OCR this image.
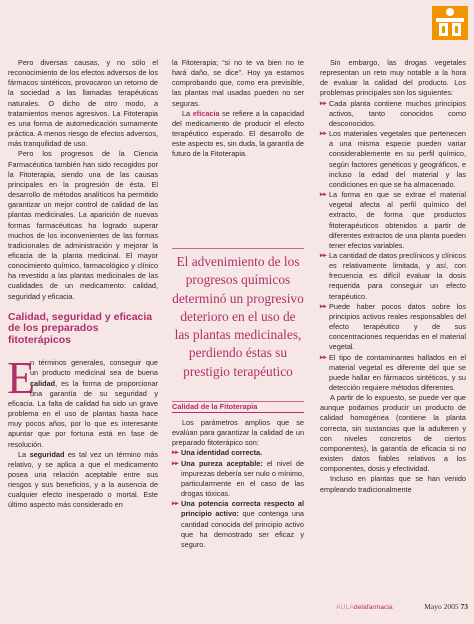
Pero diversas causas, y no sólo el reconocimiento de los efectos adversos de los fármacos sintéticos, provocaron un retorno de la sociedad a las llamadas terapéuticas naturales. O dicho de otro modo, a tratamientos menos agresivos. La Fitoterapia es una forma de automedicación sumamente práctica. A menos riesgo de efectos adversos, más tranquilidad de uso.

Pero los progresos de la Ciencia Farmacéutica también han sido recogidos por la Fitoterapia, siendo una de las causas principales en la progresión de ésta. El desarrollo de métodos analíticos ha permitido garantizar un mejor control de calidad de las plantas medicinales. La aparición de nuevas formas farmacéuticas ha logrado superar muchos de los inconvenientes de las formas tradicionales de administración y mejorar la eficacia de la planta medicinal. El mayor conocimiento químico, farmacológico y clínico ha revestido a las plantas medicinales de las cualidades de un medicamento: calidad, seguridad y eficacia.

Calidad, seguridad y eficacia de los preparados fitoterápicos
E

n términos generales, conseguir que un producto medicinal sea de buena calidad, es la forma de proporcionar una garantía de su seguridad y eficacia. La falta de calidad ha sido un grave problema en el uso de plantas hasta hace muy pocos años, por lo que es interesante apuntar que por fortuna está en fase de resolución.

La seguridad es tal vez un término más relativo, y se aplica a que el medicamento posea una relación aceptable entre sus riesgos y sus beneficios, y a la ausencia de cualquier efecto inesperado o mortal. Este último aspecto más considerado en

la Fitoterapia; “si no te va bien no te hará daño, se dice”. Hoy ya estamos comprobando que, como era previsible, las plantas mal usadas pueden no ser seguras.

La eficacia se refiere a la capacidad del medicamento de producir el efecto terapéutico esperado. El desarrollo de este aspecto es, sin duda, la garantía de futuro de la Fitoterapia.

El advenimiento de los progresos químicos determinó un progresivo deterioro en el uso de las plantas medicinales, perdiendo éstas su prestigio terapéutico
Calidad de la Fitoterapia

Los parámetros amplios que se evalúan para garantizar la calidad de un preparado fitoterápico son:

▸▸ Una identidad correcta.
▸▸ Una pureza aceptable: el nivel de impurezas debería ser nulo o mínimo, particularmente en el caso de las drogas tóxicas.
▸▸ Una potencia correcta respecto al principio activo: que contenga una cantidad conocida del principio activo que ha demostrado ser eficaz y seguro.

Sin embargo, las drogas vegetales representan un reto muy notable a la hora de evaluar la calidad del producto. Los problemas principales son los siguientes:

▸▸ Cada planta contiene muchos principios activos, tanto conocidos como desconocidos.
▸▸ Los materiales vegetales que pertenecen a una misma especie pueden variar considerablemente en su perfil químico, según factores genéticos y geográficos, e incluso la edad del material y las condiciones en que se ha almacenado.
▸▸ La forma en que se extrae el material vegetal afecta al perfil químico del extracto, de forma que productos fitoterapéuticos obtenidos a partir de diferentes extractos de una planta pueden tener efectos variables.
▸▸ La cantidad de datos preclínicos y clínicos es relativamente limitada, y así, con frecuencia es difícil evaluar la dosis requerida para conseguir un efecto terapéutico.
▸▸ Puede haber pocos datos sobre los principios activos reales responsables del efecto terapéutico y de sus concentraciones requeridas en el material vegetal.
▸▸ El tipo de contaminantes hallados en el material vegetal es diferente del que se puede hallar en fármacos sintéticos, y su detección requiere métodos diferentes.

A partir de lo expuesto, se puede ver que aunque podamos producir un producto de calidad homogénea (contiene la planta correcta, sin sustancias que la adulteren y con niveles concretos de ciertos componentes), la garantía de eficacia si no existen datos fiables relativos a los componentes, dosis y efectividad.

Incluso en plantas que se han venido empleando tradicionalmente

AULAdelafarmacia	Mayo 2005 73
